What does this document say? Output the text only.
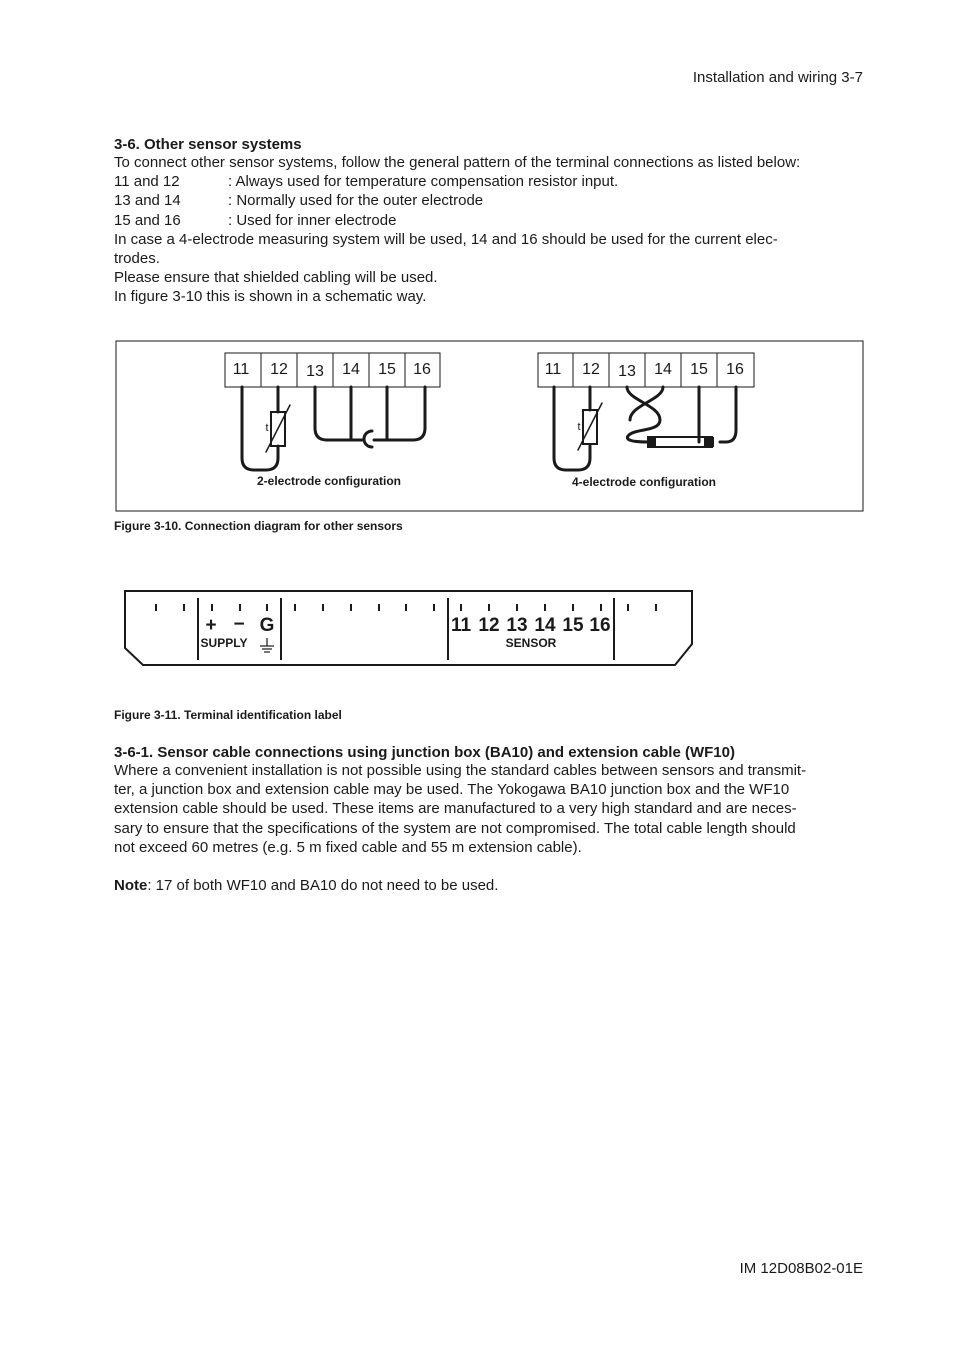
Installation and wiring 3-7
3-6. Other sensor systems
To connect other sensor systems, follow the general pattern of the terminal connections as listed below:
11 and 12	: Always used for temperature compensation resistor input.
13 and 14	: Normally used for the outer electrode
15 and 16	: Used for inner electrode
In case a 4-electrode measuring system will be used, 14 and 16 should be used for the current elec-
trodes.
Please ensure that shielded cabling will be used.
In figure 3-10 this is shown in a schematic way.
11 12 13 14 15 16
t
2-electrode configuration
11 12 13 14 15 16
t
4-electrode configuration
Figure 3-10. Connection diagram for other sensors
+ − G
SUPPLY
11 12 13 14 15 16
SENSOR
Figure 3-11. Terminal identification label
3-6-1. Sensor cable connections using junction box (BA10) and extension cable (WF10)
Where a convenient installation is not possible using the standard cables between sensors and transmit-
ter, a junction box and extension cable may be used. The Yokogawa BA10 junction box and the WF10
extension cable should be used. These items are manufactured to a very high standard and are neces-
sary to ensure that the specifications of the system are not compromised. The total cable length should
not exceed 60 metres (e.g. 5 m fixed cable and 55 m extension cable).
Note: 17 of both WF10 and BA10 do not need to be used.
IM 12D08B02-01E
